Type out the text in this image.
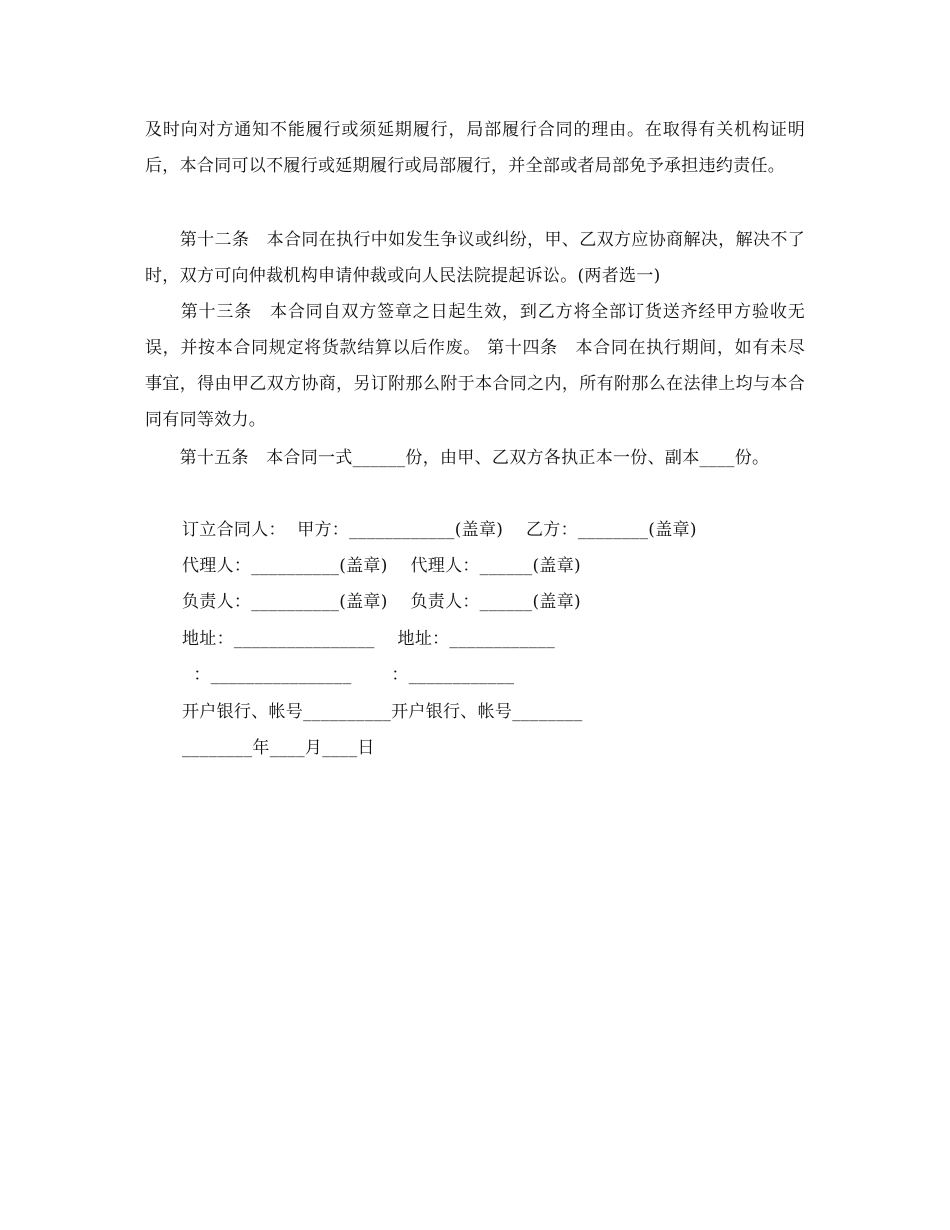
及时向对方通知不能履行或须延期履行，局部履行合同的理由。在取得有关机构证明后，本合同可以不履行或延期履行或局部履行，并全部或者局部免予承担违约责任。
　　第十二条　本合同在执行中如发生争议或纠纷，甲、乙双方应协商解决，解决不了时，双方可向仲裁机构申请仲裁或向人民法院提起诉讼。(两者选一)
　　第十三条　本合同自双方签章之日起生效，到乙方将全部订货送齐经甲方验收无误，并按本合同规定将货款结算以后作废。 第十四条　本合同在执行期间，如有未尽事宜，得由甲乙双方协商，另订附那么附于本合同之内，所有附那么在法律上均与本合同有同等效力。
　　第十五条　本合同一式______份，由甲、乙双方各执正本一份、副本____份。
订立合同人：  甲方：____________(盖章)    乙方：________(盖章)
代理人：__________(盖章)    代理人：______(盖章)
负责人：__________(盖章)    负责人：______(盖章)
地址：________________    地址：____________
：________________       ：____________
开户银行、帐号__________开户银行、帐号________
________年____月____日
